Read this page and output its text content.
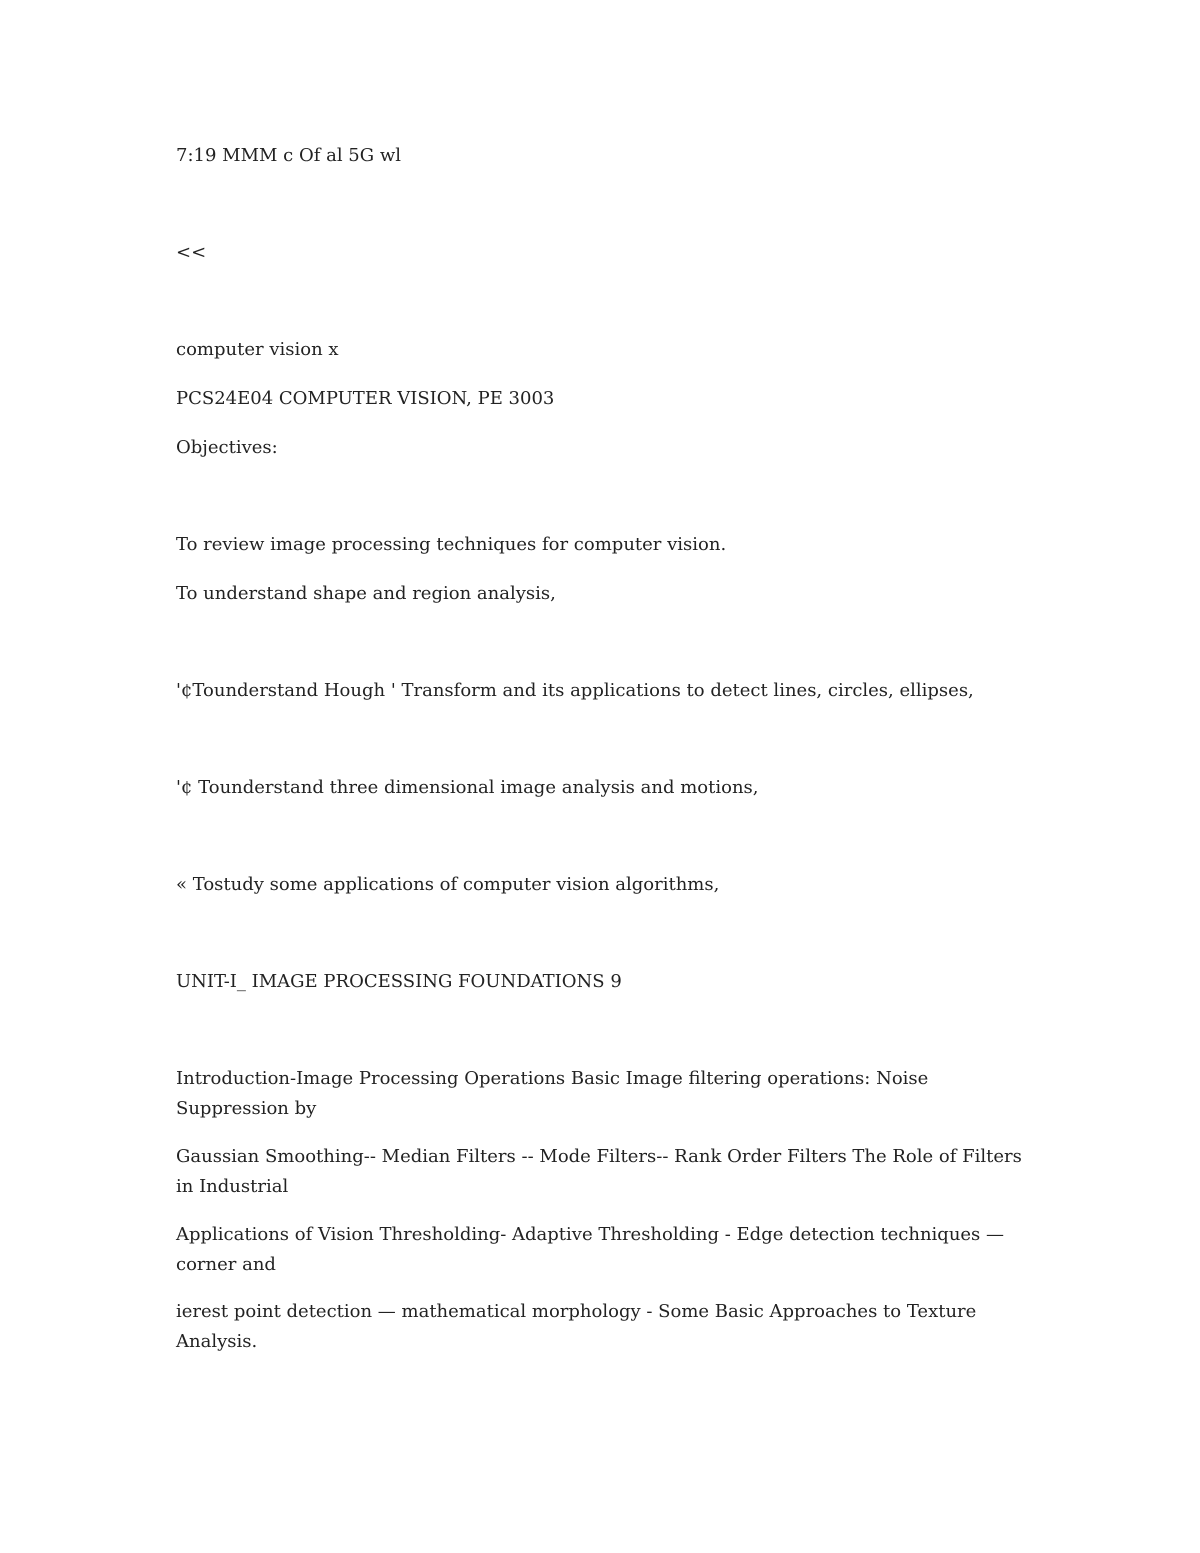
7:19 MMM c Of al 5G wl

<<

computer vision x

PCS24E04 COMPUTER VISION, PE 3003

Objectives:

To review image processing techniques for computer vision.

To understand shape and region analysis,

'¢Tounderstand Hough ' Transform and its applications to detect lines, circles, ellipses,

'¢ Tounderstand three dimensional image analysis and motions,

« Tostudy some applications of computer vision algorithms,

UNIT-I_ IMAGE PROCESSING FOUNDATIONS 9

Introduction-Image Processing Operations Basic Image filtering operations: Noise Suppression by

Gaussian Smoothing-- Median Filters -- Mode Filters-- Rank Order Filters The Role of Filters in Industrial

Applications of Vision Thresholding- Adaptive Thresholding - Edge detection techniques — corner and

ierest point detection — mathematical morphology - Some Basic Approaches to Texture Analysis.
